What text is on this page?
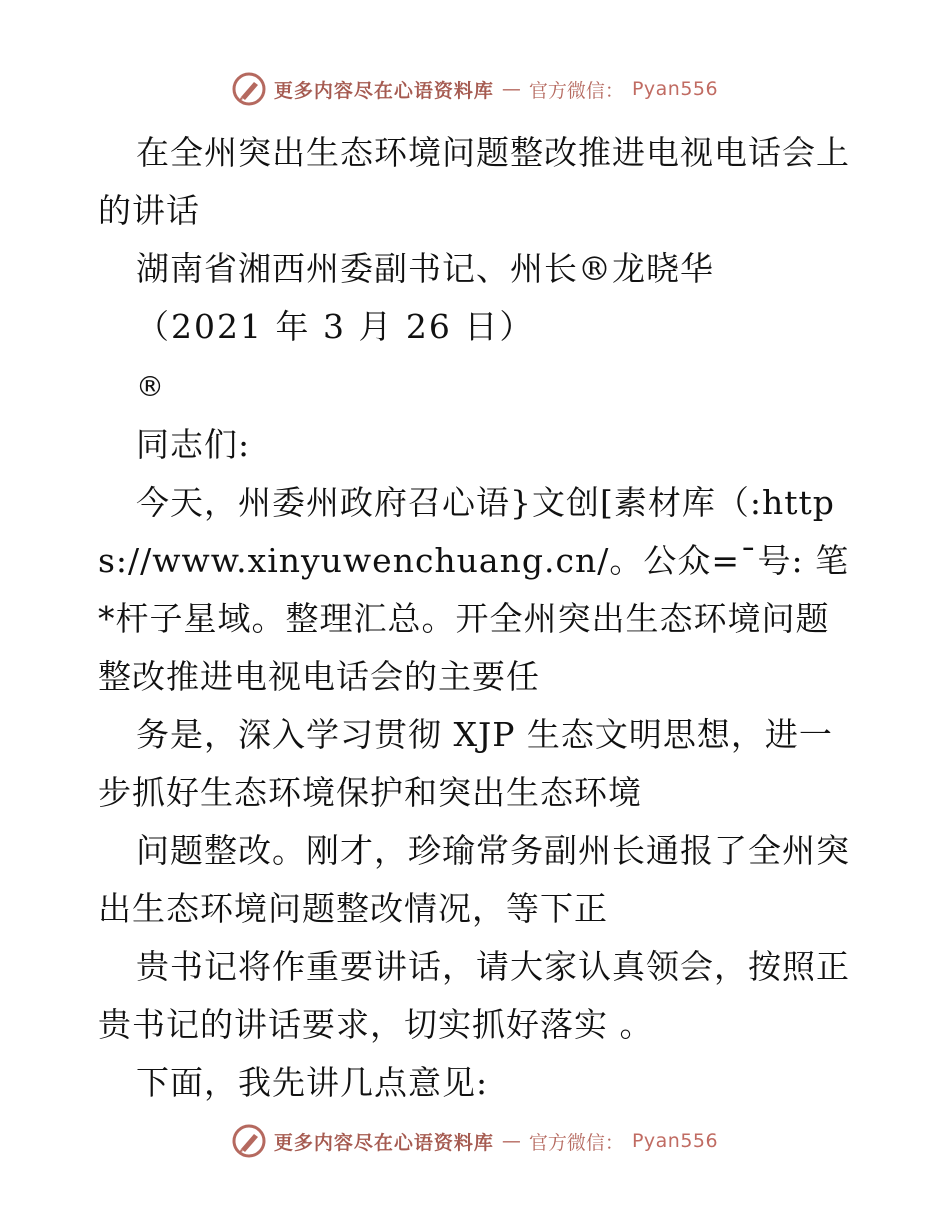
更多内容尽在心语资料库 — 官方微信： Pyan556

在全州突出生态环境问题整改推进电视电话会上的讲话

湖南省湘西州委副书记、州长®龙晓华

（2021 年 3 月 26 日）

®

同志们:

今天，州委州政府召心语}文创[素材库（:https://www.xinyuwenchuang.cn/。公众=¯号: 笔*杆子星域。整理汇总。开全州突出生态环境问题整改推进电视电话会的主要任

务是，深入学习贯彻 XJP 生态文明思想，进一步抓好生态环境保护和突出生态环境

问题整改。刚才，珍瑜常务副州长通报了全州突出生态环境问题整改情况，等下正

贵书记将作重要讲话，请大家认真领会，按照正贵书记的讲话要求，切实抓好落实 。

下面，我先讲几点意见:

更多内容尽在心语资料库 — 官方微信： Pyan556
